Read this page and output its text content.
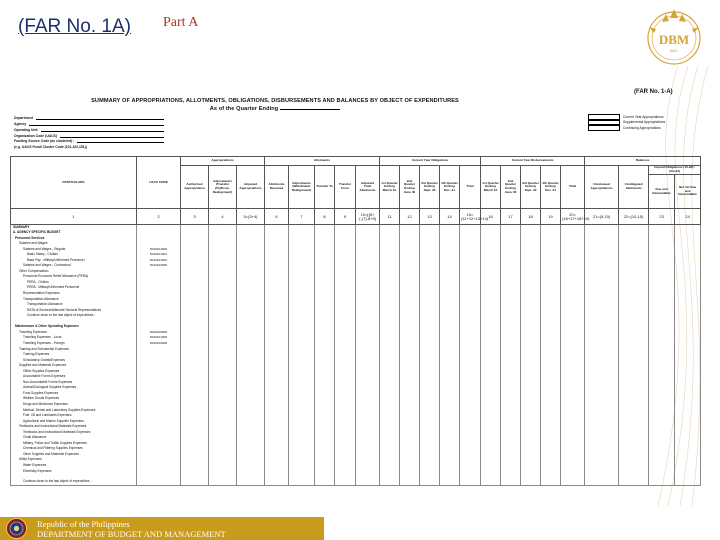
(FAR No. 1A) Part A
DBM
ABC
(FAR No. 1-A)
SUMMARY OF APPROPRIATIONS, ALLOTMENTS, OBLIGATIONS, DISBURSEMENTS AND BALANCES BY OBJECT OF EXPENDITURES
As of the Quarter Ending
Department
Agency
Operating Unit
Organization Code (UACS)
Funding Source Code (as clustered) :
(e.g. UACS Fund/ Cluster Code (101,102,151))
Current Year Appropriations
Supplemental Appropriations
Continuing Appropriations
PARTICULARS	UACS CODE	Appropriations			Allotments					Current Year Obligations					Current Year Disbursements					Balances			
		Authorized Appropriation	Adjustments (Transfer (To)/From, Realignment)	Adjusted Appropriations	Allotments Received	Adjustments (Withdrawal, Realignment)	Transfer To	Transfer From	Adjusted Total Allotments	1st Quarter Ending March 31	2nd Quarter Ending June 30	3rd Quarter Ending Sept. 30	4th Quarter Ending Dec. 31	Total	1st Quarter Ending March 31	2nd Quarter Ending June 30	3rd Quarter Ending Sept. 30	4th Quarter Ending Dec. 31	Total	Unreleased Appropriations	Unobligated Allotments	Unpaid Obligations (15-20)=(23+24)	
																						Due and Demandable	Not Yet Due and Demandable
1	2	3	4	5=(3+4)	6	7	8	9	10=[{6+(-)7}-8+9]	11	12	13	14	15=(11+12+13+14)	16	17	18	19	20=(16+17+18+19)	21=(5-10)	22=(10-15)	23	24
SUMMARY																							
A. AGENCY SPECIFIC BUDGET																							
Personnel Services																							
Salaries and Wages																							
Salaries and Wages - Regular	5010101000																						
Basic Salary - Civilian	5010101001																						
Base Pay - Military/Uniformed Personnel	5010101002																						
Salaries and Wages - Contractual	5010102000																						
Other Compensation																							
Personnel Economic Relief Allowance (PERA)																							
PERA - Civilian																							
PERA - Military/Uniformed Personnel																							
Representation Expenses																							
Transportation Allowance																							
Transportation Allowance																							
RATA of Sectoral/Alternate Sectoral Representatives																							
Continue down to the last object of expenditure...																							

Maintenance & Other Operating Expenses																							
Traveling Expenses	5020100000																						
Traveling Expenses - Local	5020101000																						
Traveling Expenses - Foreign	5020102000																						
Training and Scholarship Expenses																							
Training Expenses																							
Scholarship Grants/Expenses																							
Supplies and Materials Expenses																							
Office Supplies Expenses																							
Accountable Forms Expenses																							
Non-Accountable Forms Expenses																							
Animal/Zoological Supplies Expenses																							
Food Supplies Expenses																							
Welfare Goods Expenses																							
Drugs and Medicines Expenses																							
Medical, Dental and Laboratory Supplies Expenses																							
Fuel, Oil and Lubricants Expenses																							
Agricultural and Marine Supplies Expenses																							
Textbooks and Instructional Materials Expenses																							
Textbooks and Instructional Materials Expenses																							
Chalk Allowance																							
Military, Police and Traffic Supplies Expenses																							
Chemical and Filtering Supplies Expenses																							
Other Supplies and Materials Expenses																							
Utility Expenses																							
Water Expenses																							
Electricity Expenses																							

Continue down to the last object of expenditure...																							
Republic of the Philippines
DEPARTMENT OF BUDGET AND MANAGEMENT
